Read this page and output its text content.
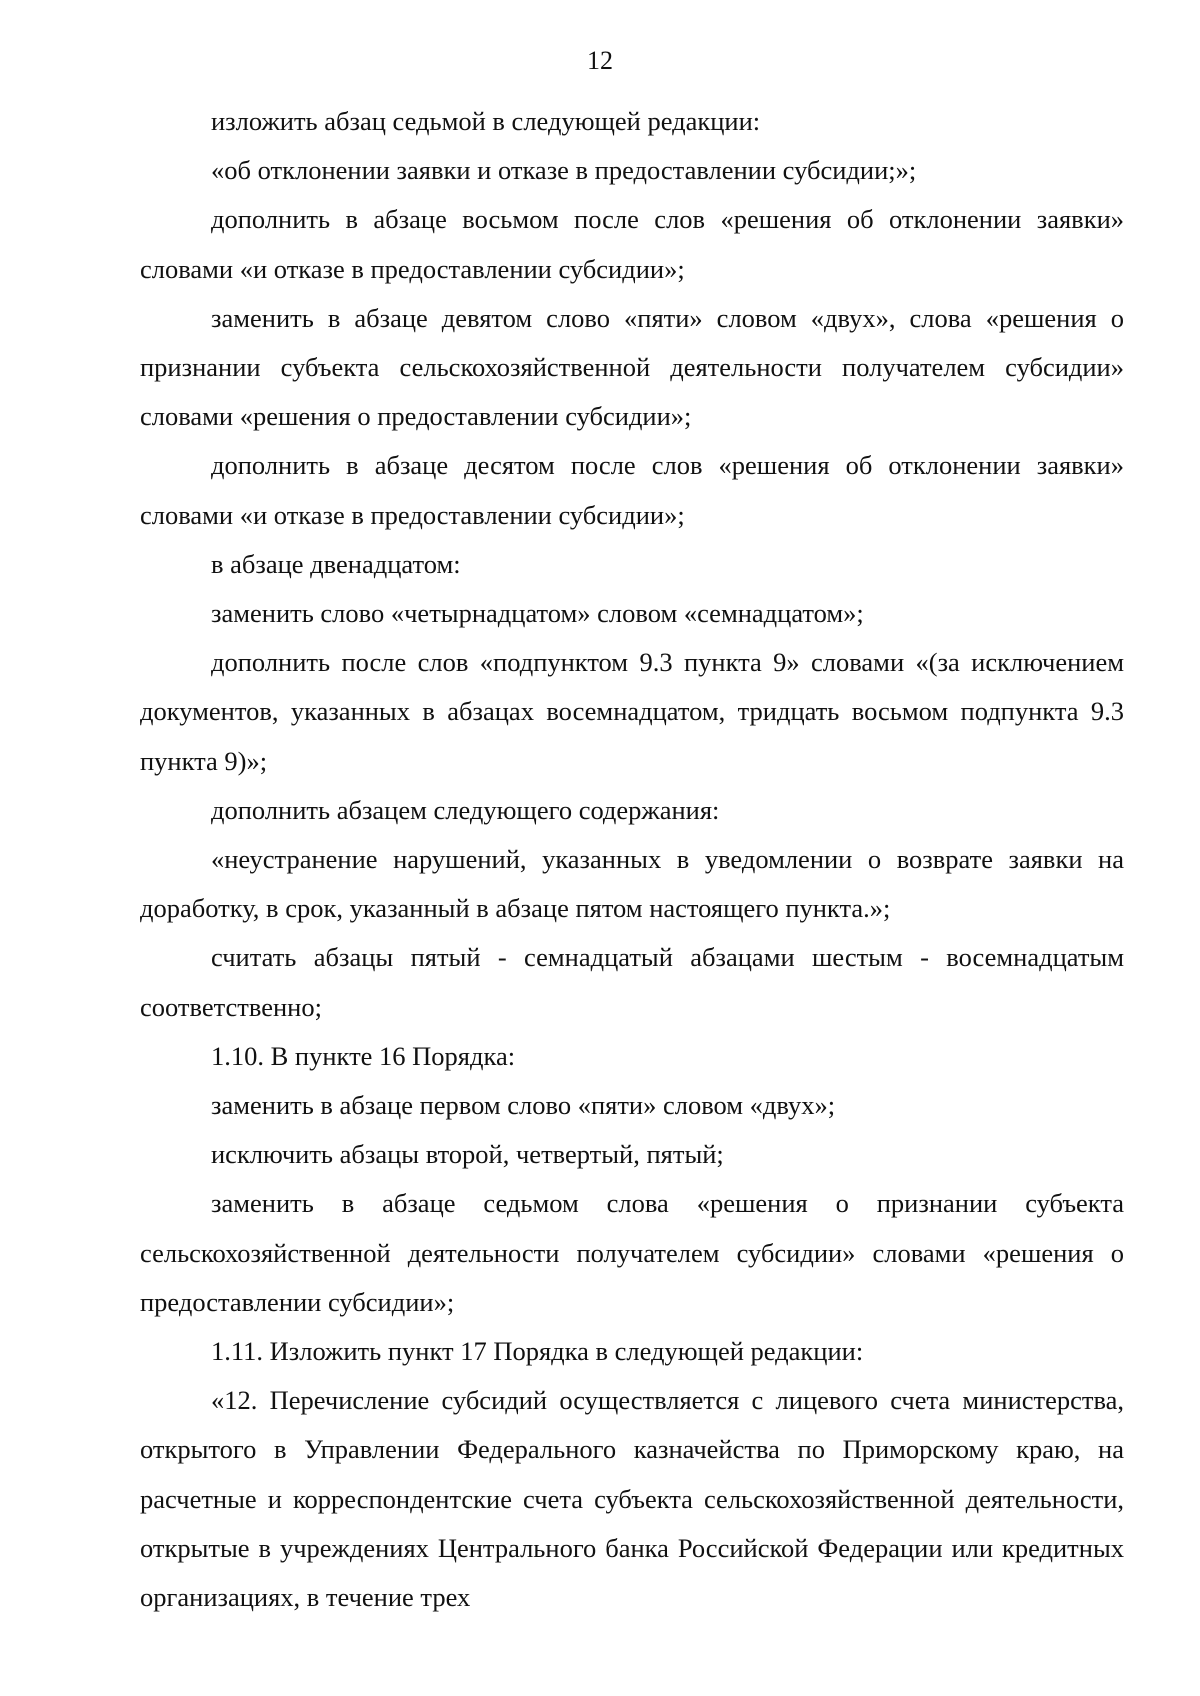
12

изложить абзац седьмой в следующей редакции:

«об отклонении заявки и отказе в предоставлении субсидии;»;

дополнить в абзаце восьмом после слов «решения об отклонении заявки» словами «и отказе в предоставлении субсидии»;

заменить в абзаце девятом слово «пяти» словом «двух», слова «решения о признании субъекта сельскохозяйственной деятельности получателем субсидии» словами «решения о предоставлении субсидии»;

дополнить в абзаце десятом после слов «решения об отклонении заявки» словами «и отказе в предоставлении субсидии»;

в абзаце двенадцатом:

заменить слово «четырнадцатом» словом «семнадцатом»;

дополнить после слов «подпунктом 9.3 пункта 9» словами «(за исключением документов, указанных в абзацах восемнадцатом, тридцать восьмом подпункта 9.3 пункта 9)»;

дополнить абзацем следующего содержания:

«неустранение нарушений, указанных в уведомлении о возврате заявки на доработку, в срок, указанный в абзаце пятом настоящего пункта.»;

считать абзацы пятый - семнадцатый абзацами шестым - восемнадцатым соответственно;

1.10. В пункте 16 Порядка:

заменить в абзаце первом слово «пяти» словом «двух»;

исключить абзацы второй, четвертый, пятый;

заменить в абзаце седьмом слова «решения о признании субъекта сельскохозяйственной деятельности получателем субсидии» словами «решения о предоставлении субсидии»;

1.11. Изложить пункт 17 Порядка в следующей редакции:

«12. Перечисление субсидий осуществляется с лицевого счета министерства, открытого в Управлении Федерального казначейства по Приморскому краю, на расчетные и корреспондентские счета субъекта сельскохозяйственной деятельности, открытые в учреждениях Центрального банка Российской Федерации или кредитных организациях, в течение трех
